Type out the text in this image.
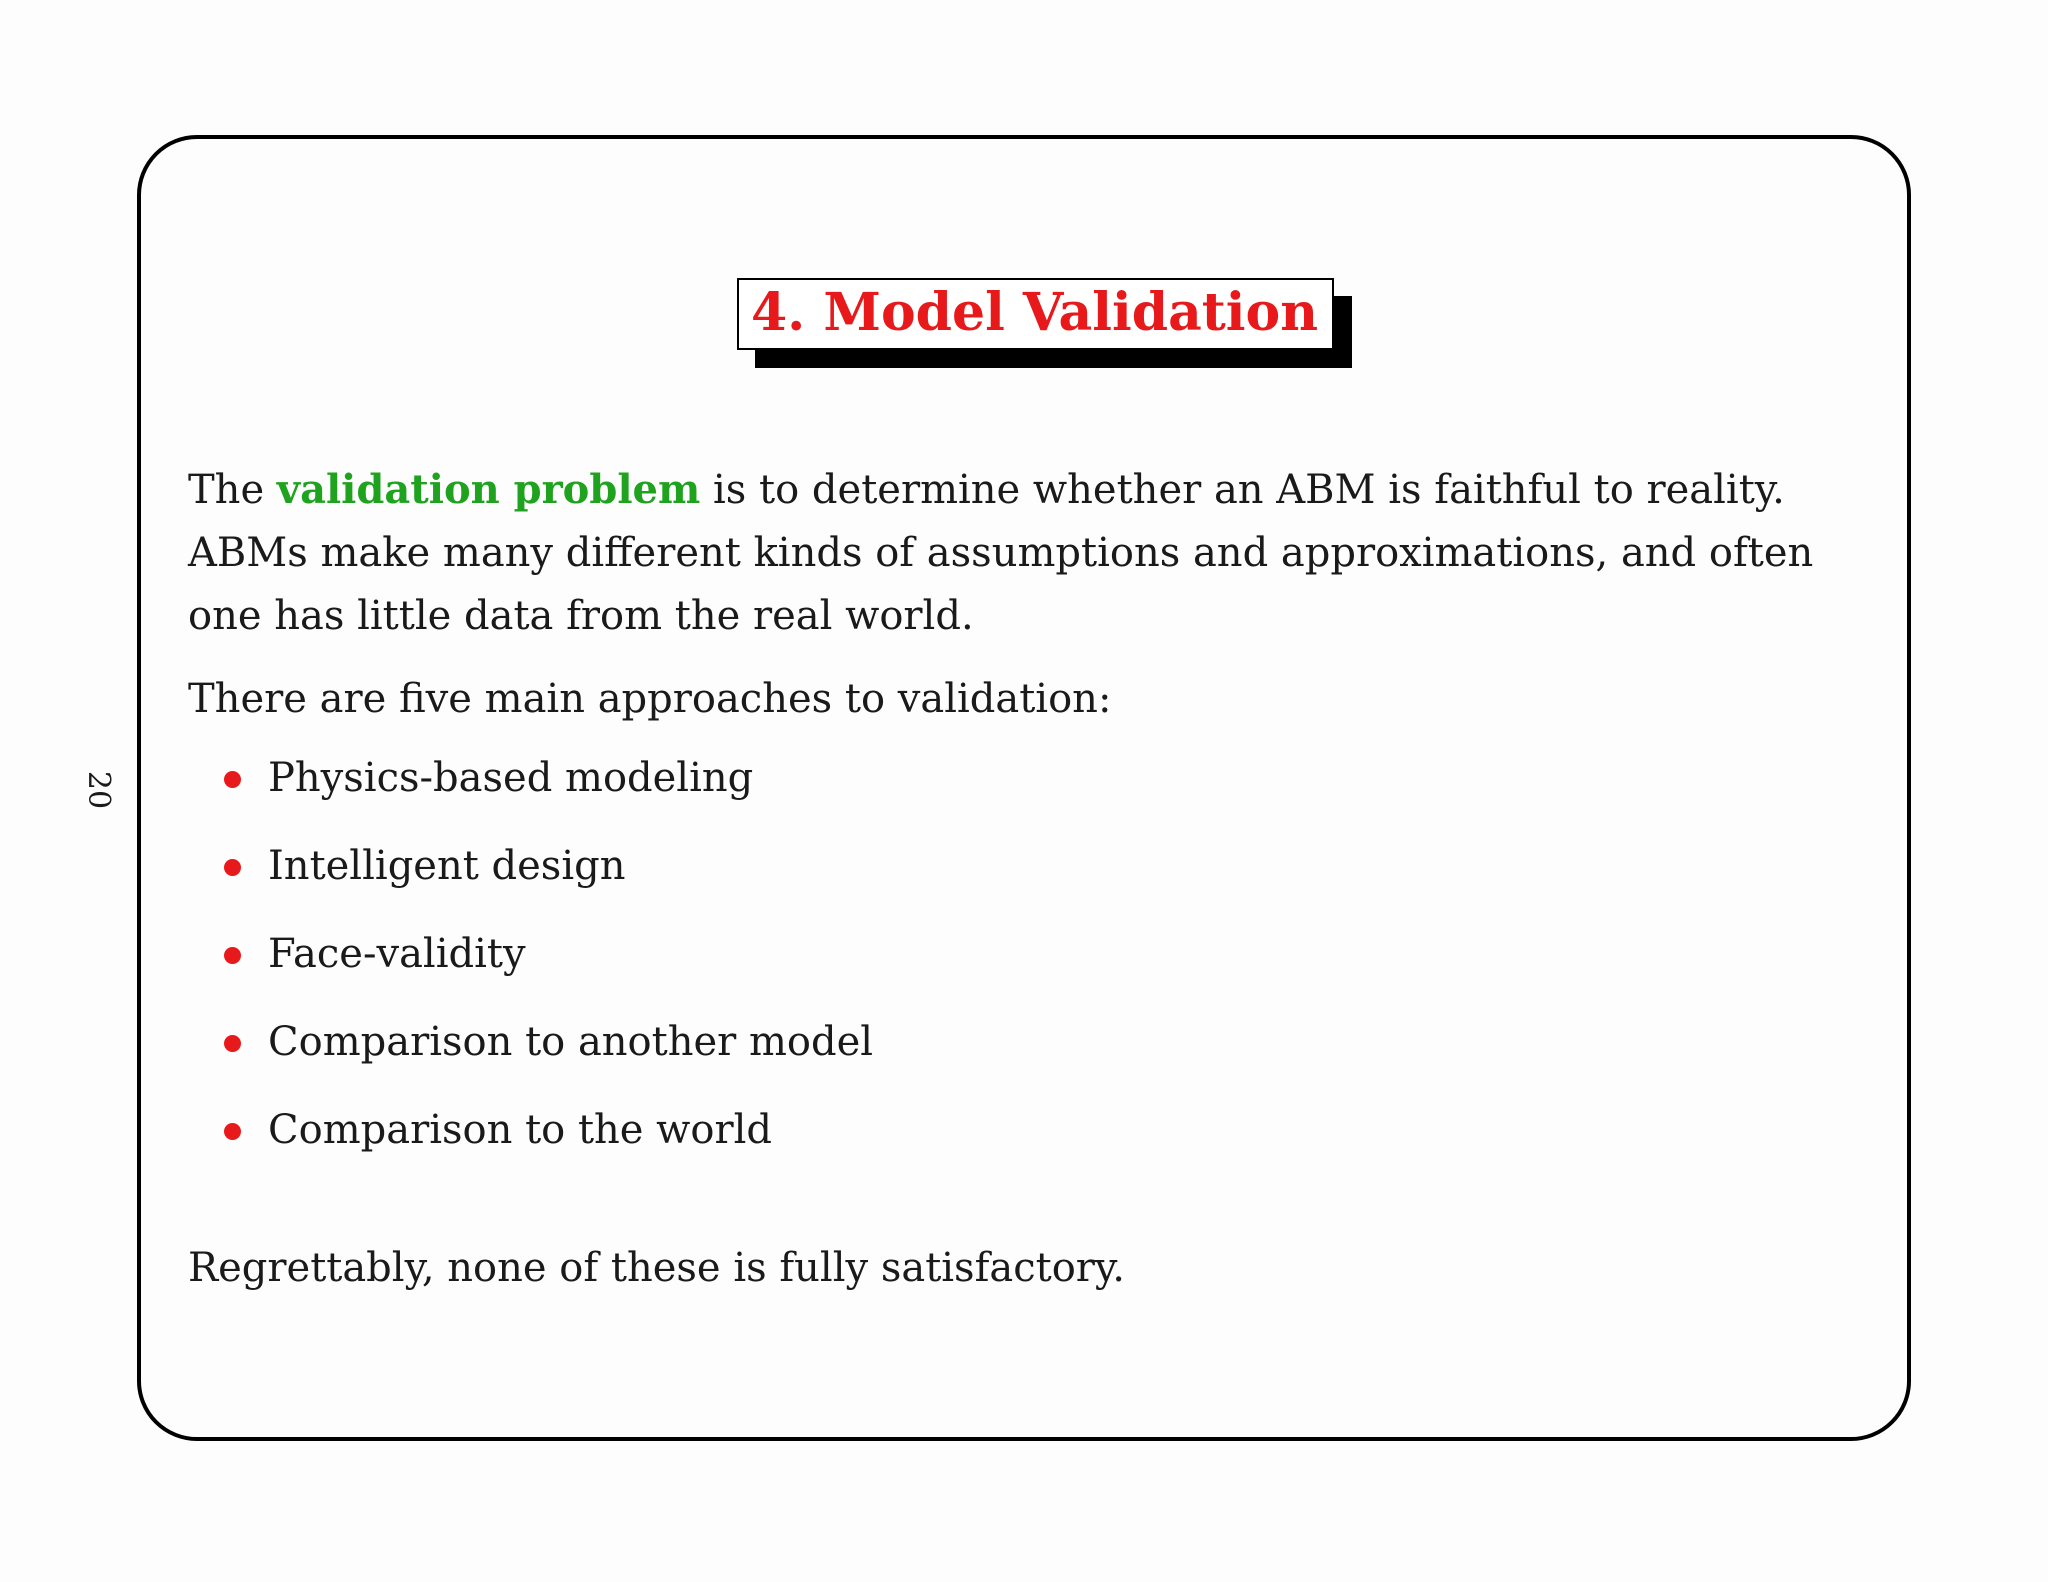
20
4. Model Validation

The validation problem is to determine whether an ABM is faithful to reality. ABMs make many different kinds of assumptions and approximations, and often one has little data from the real world.

There are five main approaches to validation:

Physics-based modeling
Intelligent design
Face-validity
Comparison to another model
Comparison to the world

Regrettably, none of these is fully satisfactory.
